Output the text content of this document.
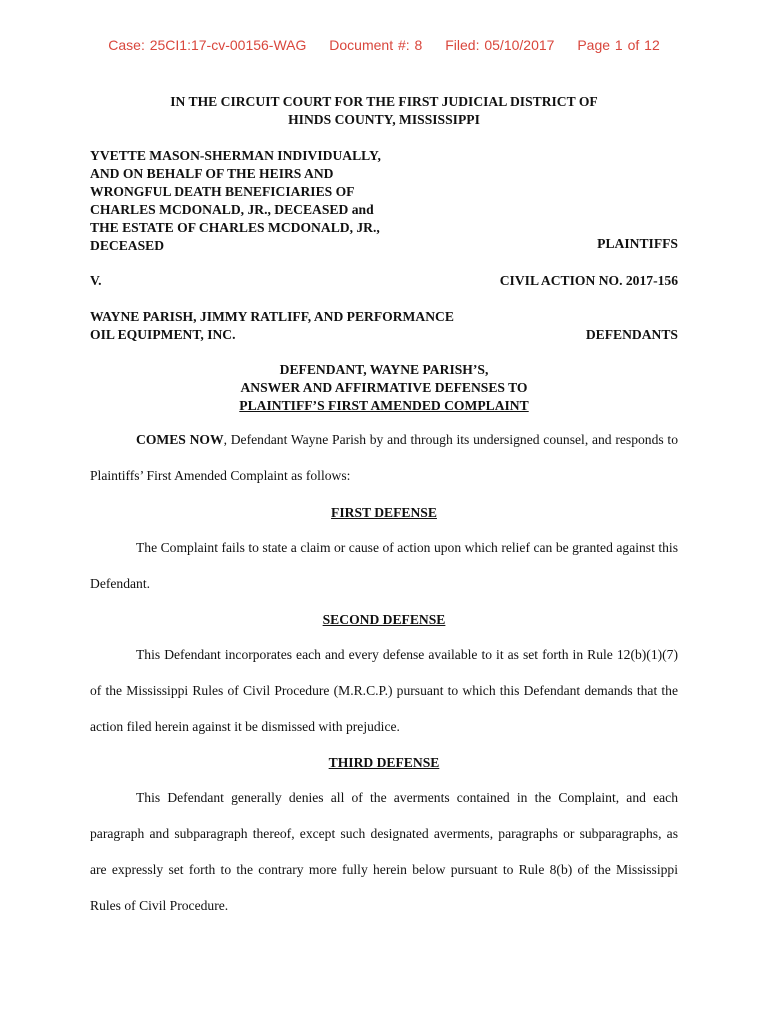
Case: 25CI1:17-cv-00156-WAG Document #: 8 Filed: 05/10/2017 Page 1 of 12
IN THE CIRCUIT COURT FOR THE FIRST JUDICIAL DISTRICT OF
HINDS COUNTY, MISSISSIPPI
YVETTE MASON-SHERMAN INDIVIDUALLY,
AND ON BEHALF OF THE HEIRS AND
WRONGFUL DEATH BENEFICIARIES OF
CHARLES MCDONALD, JR., DECEASED and
THE ESTATE OF CHARLES MCDONALD, JR.,
DECEASED	PLAINTIFFS
V.	CIVIL ACTION NO. 2017-156
WAYNE PARISH, JIMMY RATLIFF, AND PERFORMANCE
OIL EQUIPMENT, INC.	DEFENDANTS
DEFENDANT, WAYNE PARISH’S,
ANSWER AND AFFIRMATIVE DEFENSES TO
PLAINTIFF’S FIRST AMENDED COMPLAINT
COMES NOW, Defendant Wayne Parish by and through its undersigned counsel, and responds to Plaintiffs’ First Amended Complaint as follows:
FIRST DEFENSE
The Complaint fails to state a claim or cause of action upon which relief can be granted against this Defendant.
SECOND DEFENSE
This Defendant incorporates each and every defense available to it as set forth in Rule 12(b)(1)(7) of the Mississippi Rules of Civil Procedure (M.R.C.P.) pursuant to which this Defendant demands that the action filed herein against it be dismissed with prejudice.
THIRD DEFENSE
This Defendant generally denies all of the averments contained in the Complaint, and each paragraph and subparagraph thereof, except such designated averments, paragraphs or subparagraphs, as are expressly set forth to the contrary more fully herein below pursuant to Rule 8(b) of the Mississippi Rules of Civil Procedure.
